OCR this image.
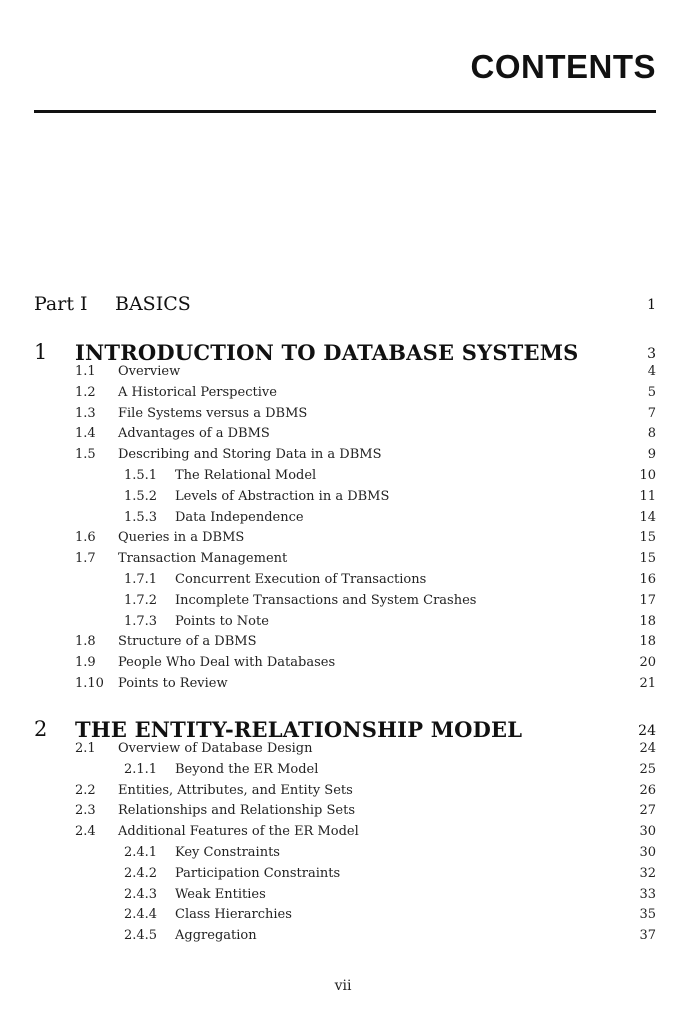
CONTENTS
Part I BASICS	1
1 INTRODUCTION TO DATABASE SYSTEMS	3
1.1 Overview	4
1.2 A Historical Perspective	5
1.3 File Systems versus a DBMS	7
1.4 Advantages of a DBMS	8
1.5 Describing and Storing Data in a DBMS	9
1.5.1 The Relational Model	10
1.5.2 Levels of Abstraction in a DBMS	11
1.5.3 Data Independence	14
1.6 Queries in a DBMS	15
1.7 Transaction Management	15
1.7.1 Concurrent Execution of Transactions	16
1.7.2 Incomplete Transactions and System Crashes	17
1.7.3 Points to Note	18
1.8 Structure of a DBMS	18
1.9 People Who Deal with Databases	20
1.10 Points to Review	21
2 THE ENTITY-RELATIONSHIP MODEL	24
2.1 Overview of Database Design	24
2.1.1 Beyond the ER Model	25
2.2 Entities, Attributes, and Entity Sets	26
2.3 Relationships and Relationship Sets	27
2.4 Additional Features of the ER Model	30
2.4.1 Key Constraints	30
2.4.2 Participation Constraints	32
2.4.3 Weak Entities	33
2.4.4 Class Hierarchies	35
2.4.5 Aggregation	37
vii
